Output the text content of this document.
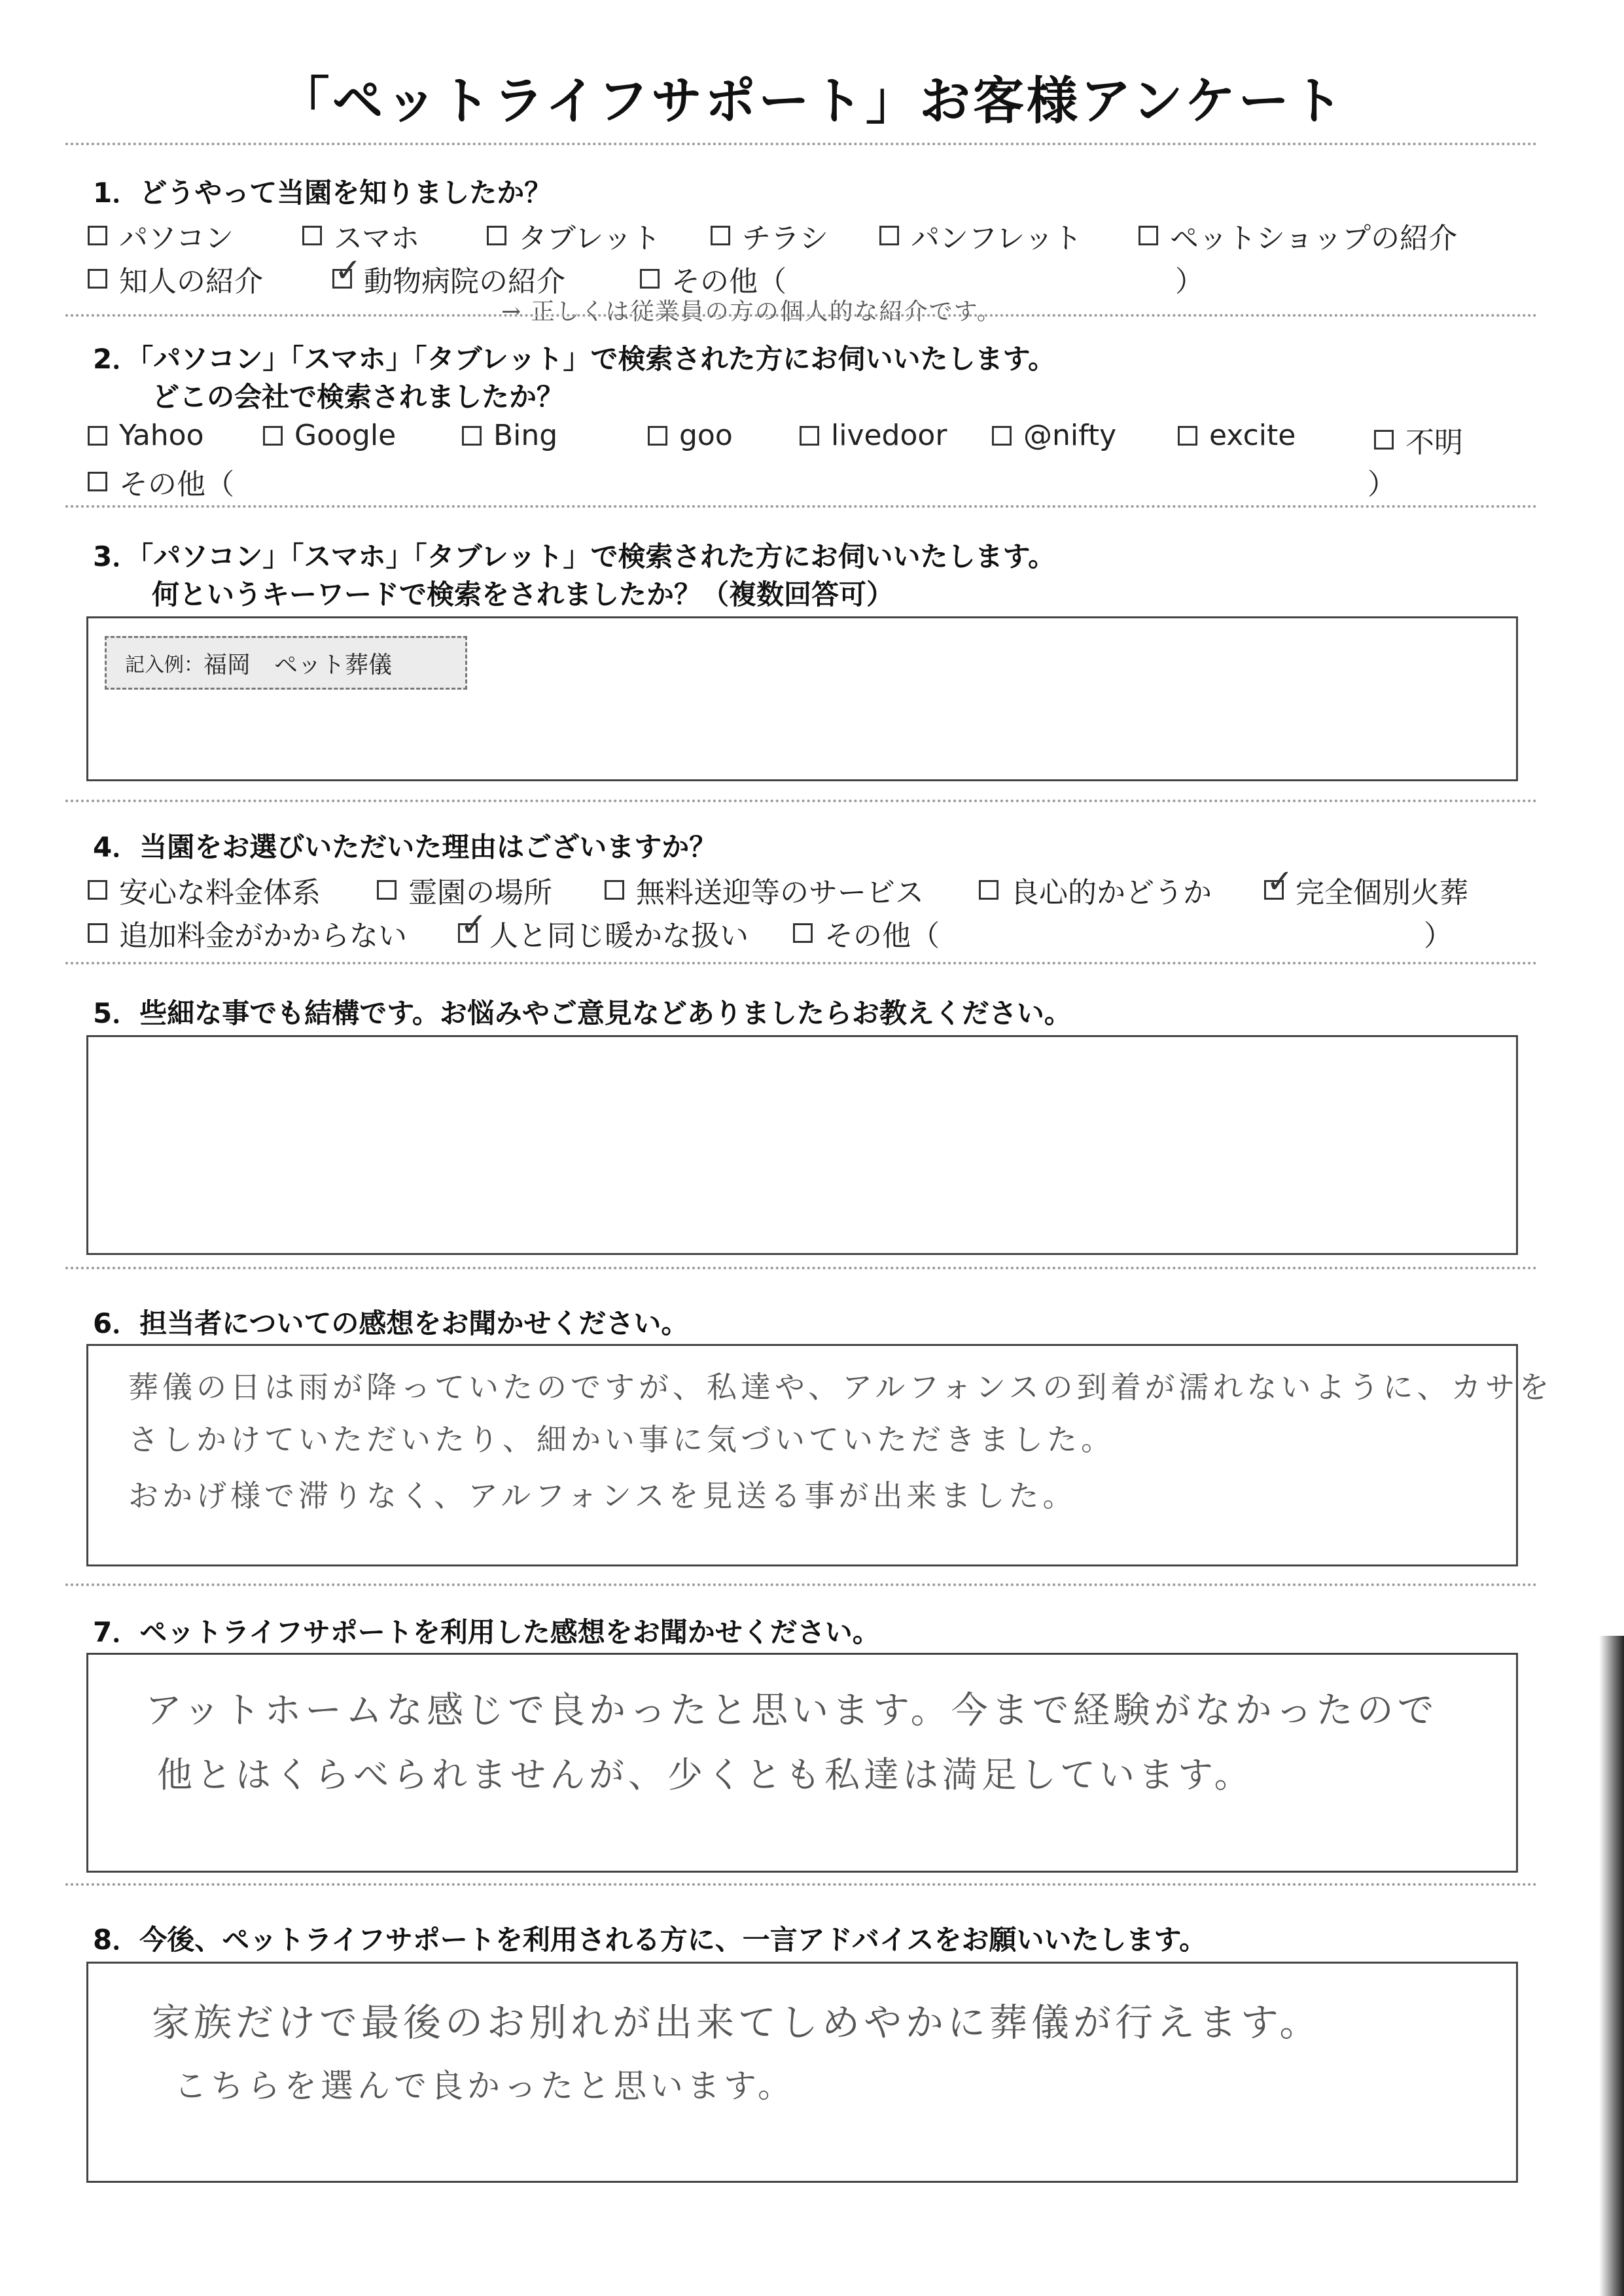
「ペットライフサポート」お客様アンケート
1．どうやって当園を知りましたか？
パソコン	スマホ	タブレット	チラシ	パンフレット	ペットショップの紹介
知人の紹介 ✓ 動物病院の紹介	その他（	）
→ 正しくは従業員の方の個人的な紹介です。
2．「パソコン」「スマホ」「タブレット」で検索された方にお伺いいたします。
どこの会社で検索されましたか？
Yahoo	Google	Bing	goo	livedoor	@nifty	excite	不明
その他（	）
3．「パソコン」「スマホ」「タブレット」で検索された方にお伺いいたします。
何というキーワードで検索をされましたか？（複数回答可）
記入例： 福岡　ペット葬儀
4．当園をお選びいただいた理由はございますか？
安心な料金体系	霊園の場所	無料送迎等のサービス	良心的かどうか ✓ 完全個別火葬
追加料金がかからない ✓ 人と同じ暖かな扱い	その他（	）
5．些細な事でも結構です。お悩みやご意見などありましたらお教えください。
6．担当者についての感想をお聞かせください。
葬儀の日は雨が降っていたのですが、私達や、アルフォンスの到着が濡れないように、カサを
さしかけていただいたり、細かい事に気づいていただきました。
おかげ様で滞りなく、アルフォンスを見送る事が出来ました。
7．ペットライフサポートを利用した感想をお聞かせください。
アットホームな感じで良かったと思います。今まで経験がなかったので
他とはくらべられませんが、少くとも私達は満足しています。
8．今後、ペットライフサポートを利用される方に、一言アドバイスをお願いいたします。
家族だけで最後のお別れが出来てしめやかに葬儀が行えます。
こちらを選んで良かったと思います。
